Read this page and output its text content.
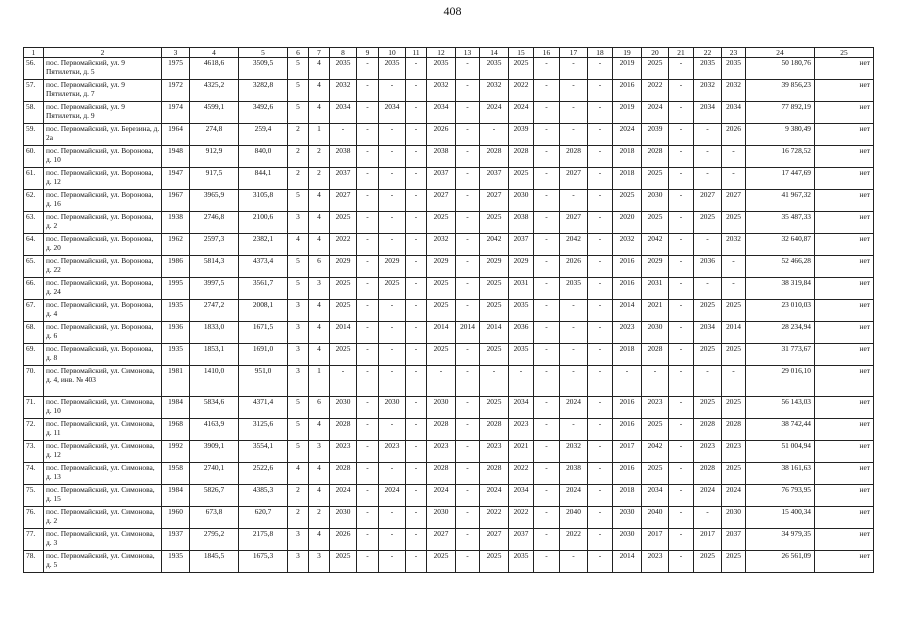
408
1	2	3	4	5	6	7	8	9	10	11	12	13	14	15	16	17	18	19	20	21	22	23	24	25
56.	пос. Первомайский, ул. 9 Пятилетки, д. 5	1975	4618,6	3509,5	5	4	2035	-	2035	-	2035	-	2035	2025	-	-	-	2019	2025	-	2035	2035	50 180,76	нет
57.	пос. Первомайский, ул. 9 Пятилетки, д. 7	1972	4325,2	3282,8	5	4	2032	-	-	-	2032	-	2032	2022	-	-	-	2016	2022	-	2032	2032	39 856,23	нет
58.	пос. Первомайский, ул. 9 Пятилетки, д. 9	1974	4599,1	3492,6	5	4	2034	-	2034	-	2034	-	2024	2024	-	-	-	2019	2024	-	2034	2034	77 892,19	нет
59.	пос. Первомайский, ул. Березина, д. 2а	1964	274,8	259,4	2	1	-	-	-	-	2026	-	-	2039	-	-	-	2024	2039	-	-	2026	9 380,49	нет
60.	пос. Первомайский, ул. Воронова, д. 10	1948	912,9	840,0	2	2	2038	-	-	-	2038	-	2028	2028	-	2028	-	2018	2028	-	-	-	16 728,52	нет
61.	пос. Первомайский, ул. Воронова, д. 12	1947	917,5	844,1	2	2	2037	-	-	-	2037	-	2037	2025	-	2027	-	2018	2025	-	-	-	17 447,69	нет
62.	пос. Первомайский, ул. Воронова, д. 16	1967	3965,9	3105,8	5	4	2027	-	-	-	2027	-	2027	2030	-	-	-	2025	2030	-	2027	2027	41 967,32	нет
63.	пос. Первомайский, ул. Воронова, д. 2	1938	2746,8	2100,6	3	4	2025	-	-	-	2025	-	2025	2038	-	2027	-	2020	2025	-	2025	2025	35 487,33	нет
64.	пос. Первомайский, ул. Воронова, д. 20	1962	2597,3	2382,1	4	4	2022	-	-	-	2032	-	2042	2037	-	2042	-	2032	2042	-	-	2032	32 640,87	нет
65.	пос. Первомайский, ул. Воронова, д. 22	1986	5814,3	4373,4	5	6	2029	-	2029	-	2029	-	2029	2029	-	2026	-	2016	2029	-	2036	-	52 466,28	нет
66.	пос. Первомайский, ул. Воронова, д. 24	1995	3997,5	3561,7	5	3	2025	-	2025	-	2025	-	2025	2031	-	2035	-	2016	2031	-	-	-	38 319,84	нет
67.	пос. Первомайский, ул. Воронова, д. 4	1935	2747,2	2008,1	3	4	2025	-	-	-	2025	-	2025	2035	-	-	-	2014	2021	-	2025	2025	23 010,03	нет
68.	пос. Первомайский, ул. Воронова, д. 6	1936	1833,0	1671,5	3	4	2014	-	-	-	2014	2014	2014	2036	-	-	-	2023	2030	-	2034	2014	28 234,94	нет
69.	пос. Первомайский, ул. Воронова, д. 8	1935	1853,1	1691,0	3	4	2025	-	-	-	2025	-	2025	2035	-	-	-	2018	2028	-	2025	2025	31 773,67	нет
70.	пос. Первомайский, ул. Симонова, д. 4, инв. № 403	1981	1410,0	951,0	3	1	-	-	-	-	-	-	-	-	-	-	-	-	-	-	-	-	29 016,10	нет
71.	пос. Первомайский, ул. Симонова, д. 10	1984	5834,6	4371,4	5	6	2030	-	2030	-	2030	-	2025	2034	-	2024	-	2016	2023	-	2025	2025	56 143,03	нет
72.	пос. Первомайский, ул. Симонова, д. 11	1968	4163,9	3125,6	5	4	2028	-	-	-	2028	-	2028	2023	-	-	-	2016	2025	-	2028	2028	38 742,44	нет
73.	пос. Первомайский, ул. Симонова, д. 12	1992	3909,1	3554,1	5	3	2023	-	2023	-	2023	-	2023	2021	-	2032	-	2017	2042	-	2023	2023	51 004,94	нет
74.	пос. Первомайский, ул. Симонова, д. 13	1958	2740,1	2522,6	4	4	2028	-	-	-	2028	-	2028	2022	-	2038	-	2016	2025	-	2028	2025	38 161,63	нет
75.	пос. Первомайский, ул. Симонова, д. 15	1984	5826,7	4385,3	2	4	2024	-	2024	-	2024	-	2024	2034	-	2024	-	2018	2034	-	2024	2024	76 793,95	нет
76.	пос. Первомайский, ул. Симонова, д. 2	1960	673,8	620,7	2	2	2030	-	-	-	2030	-	2022	2022	-	2040	-	2030	2040	-	-	2030	15 400,34	нет
77.	пос. Первомайский, ул. Симонова, д. 3	1937	2795,2	2175,8	3	4	2026	-	-	-	2027	-	2027	2037	-	2022	-	2030	2017	-	2017	2037	34 979,35	нет
78.	пос. Первомайский, ул. Симонова, д. 5	1935	1845,5	1675,3	3	3	2025	-	-	-	2025	-	2025	2035	-	-	-	2014	2023	-	2025	2025	26 561,09	нет
